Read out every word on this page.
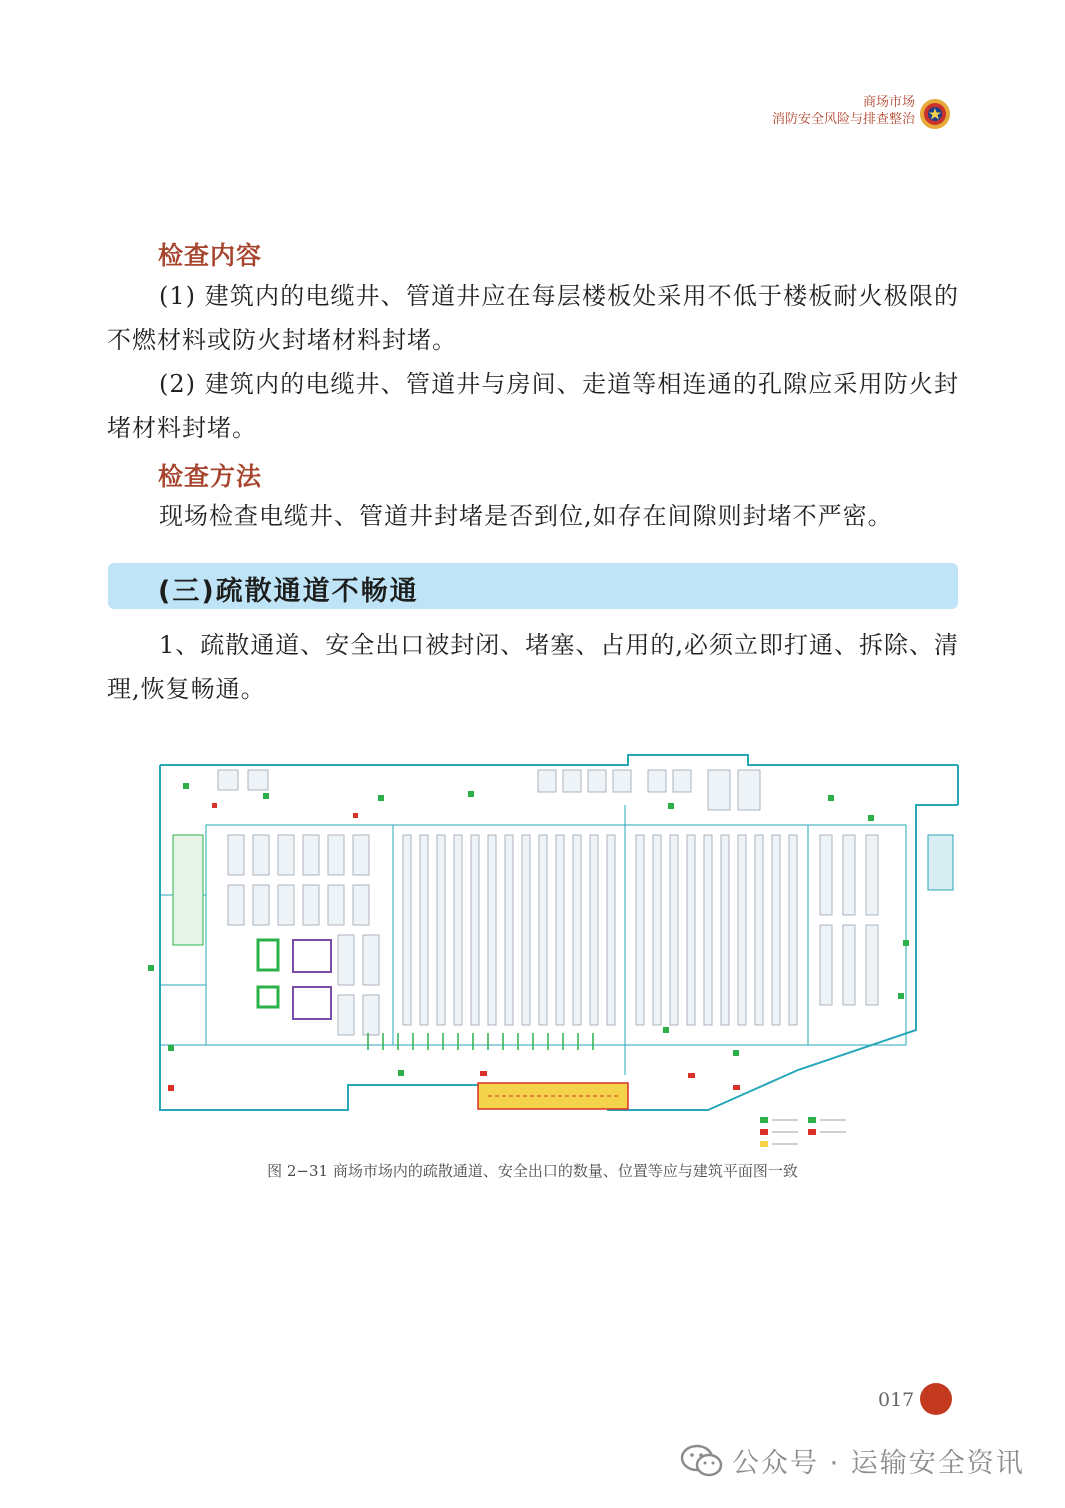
商场市场
消防安全风险与排查整治
检查内容
(1) 建筑内的电缆井、管道井应在每层楼板处采用不低于楼板耐火极限的不燃材料或防火封堵材料封堵。
(2) 建筑内的电缆井、管道井与房间、走道等相连通的孔隙应采用防火封堵材料封堵。
检查方法
现场检查电缆井、管道井封堵是否到位,如存在间隙则封堵不严密。
(三)疏散通道不畅通
1、疏散通道、安全出口被封闭、堵塞、占用的,必须立即打通、拆除、清理,恢复畅通。
图 2−31 商场市场内的疏散通道、安全出口的数量、位置等应与建筑平面图一致
017
公众号 · 运输安全资讯
